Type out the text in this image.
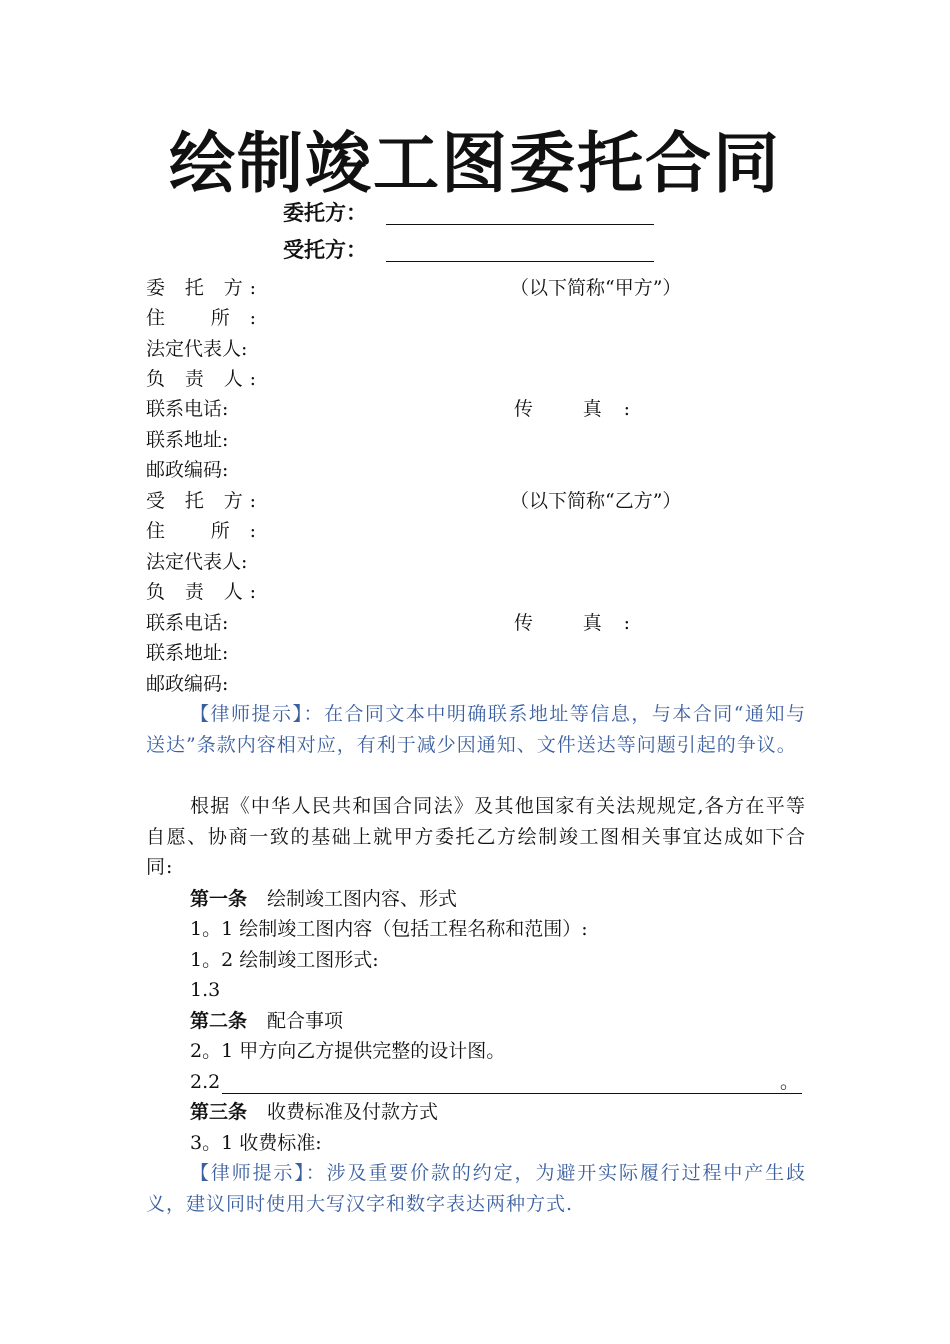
绘制竣工图委托合同
委托方：
受托方：
委 托 方:	（以下简称“甲方”）
住 所:
法定代表人:
负 责 人:
联系电话:	传 真:
联系地址:
邮政编码:
受 托 方:	（以下简称“乙方”）
住 所:
法定代表人:
负 责 人:
联系电话:	传 真:
联系地址:
邮政编码:
【律师提示】：在合同文本中明确联系地址等信息，与本合同“通知与送达”条款内容相对应，有利于减少因通知、文件送达等问题引起的争议。
根据《中华人民共和国合同法》及其他国家有关法规规定,各方在平等自愿、协商一致的基础上就甲方委托乙方绘制竣工图相关事宜达成如下合同:
第一条 绘制竣工图内容、形式
1。1 绘制竣工图内容（包括工程名称和范围）:
1。2 绘制竣工图形式:
1.3
第二条 配合事项
2。1 甲方向乙方提供完整的设计图。
2.2	。
第三条 收费标准及付款方式
3。1 收费标准:
【律师提示】：涉及重要价款的约定，为避开实际履行过程中产生歧义，建议同时使用大写汉字和数字表达两种方式.
